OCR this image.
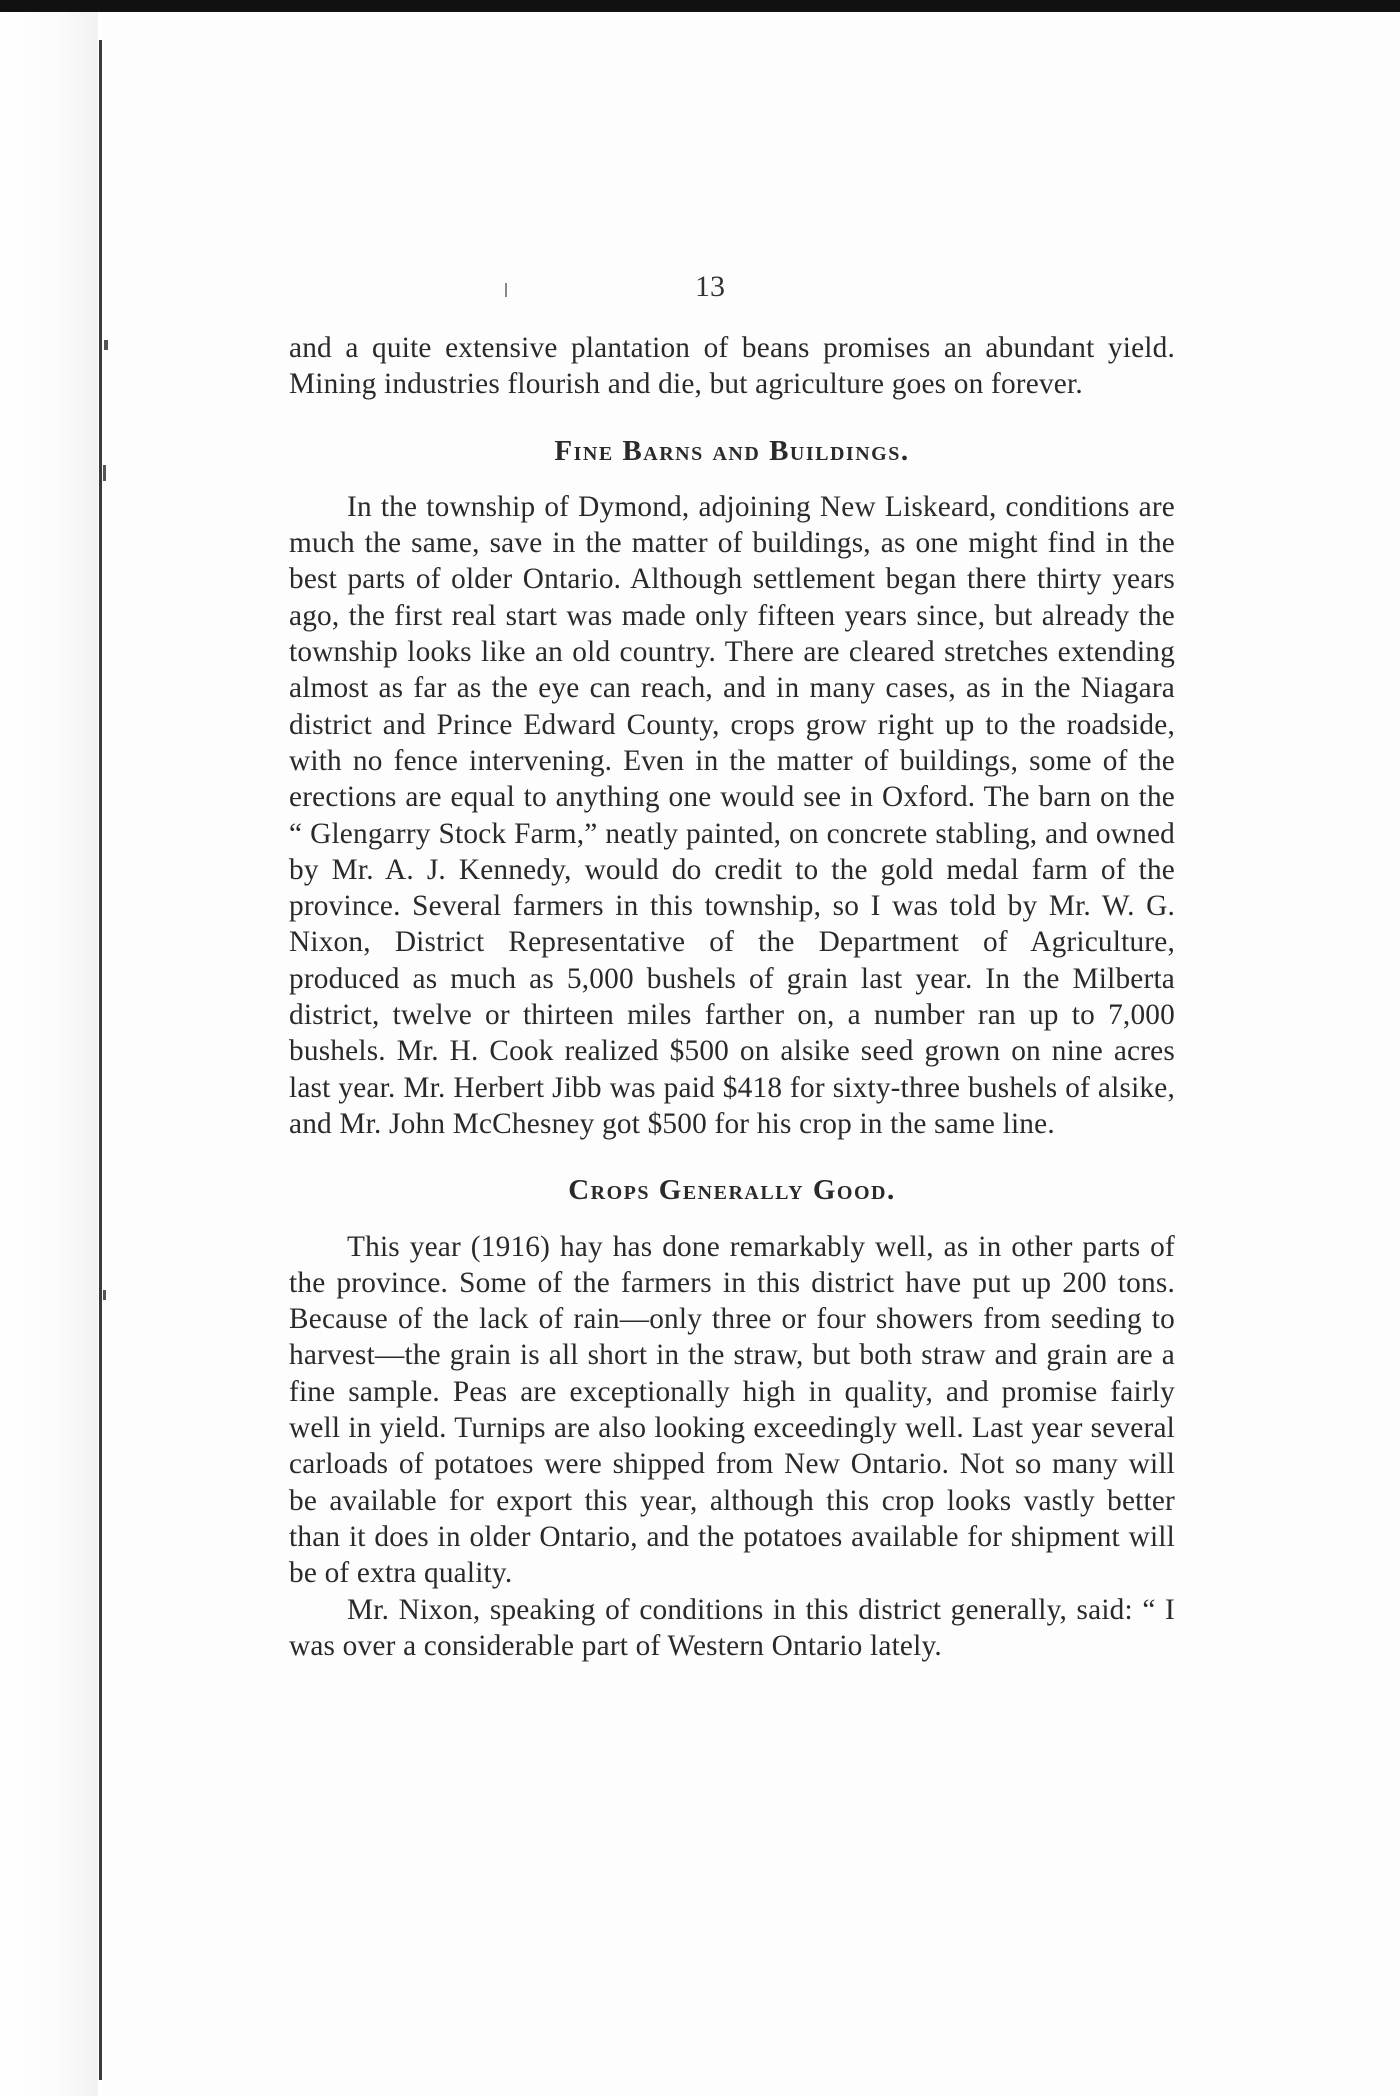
13

and a quite extensive plantation of beans promises an abundant yield. Mining industries flourish and die, but agriculture goes on forever.

Fine Barns and Buildings.

In the township of Dymond, adjoining New Liskeard, conditions are much the same, save in the matter of buildings, as one might find in the best parts of older Ontario. Although settlement began there thirty years ago, the first real start was made only fifteen years since, but already the township looks like an old country. There are cleared stretches extending almost as far as the eye can reach, and in many cases, as in the Niagara district and Prince Edward County, crops grow right up to the roadside, with no fence intervening. Even in the matter of buildings, some of the erections are equal to anything one would see in Oxford. The barn on the “ Glengarry Stock Farm,” neatly painted, on concrete stabling, and owned by Mr. A. J. Kennedy, would do credit to the gold medal farm of the province. Several farmers in this township, so I was told by Mr. W. G. Nixon, District Representative of the Department of Agriculture, produced as much as 5,000 bushels of grain last year. In the Milberta district, twelve or thirteen miles farther on, a number ran up to 7,000 bushels. Mr. H. Cook realized $500 on alsike seed grown on nine acres last year. Mr. Herbert Jibb was paid $418 for sixty-three bushels of alsike, and Mr. John McChesney got $500 for his crop in the same line.

Crops Generally Good.

This year (1916) hay has done remarkably well, as in other parts of the province. Some of the farmers in this district have put up 200 tons. Because of the lack of rain—only three or four showers from seeding to harvest—the grain is all short in the straw, but both straw and grain are a fine sample. Peas are exceptionally high in quality, and promise fairly well in yield. Turnips are also looking exceedingly well. Last year several carloads of potatoes were shipped from New Ontario. Not so many will be available for export this year, although this crop looks vastly better than it does in older Ontario, and the potatoes available for shipment will be of extra quality.

Mr. Nixon, speaking of conditions in this district generally, said: “ I was over a considerable part of Western Ontario lately.
